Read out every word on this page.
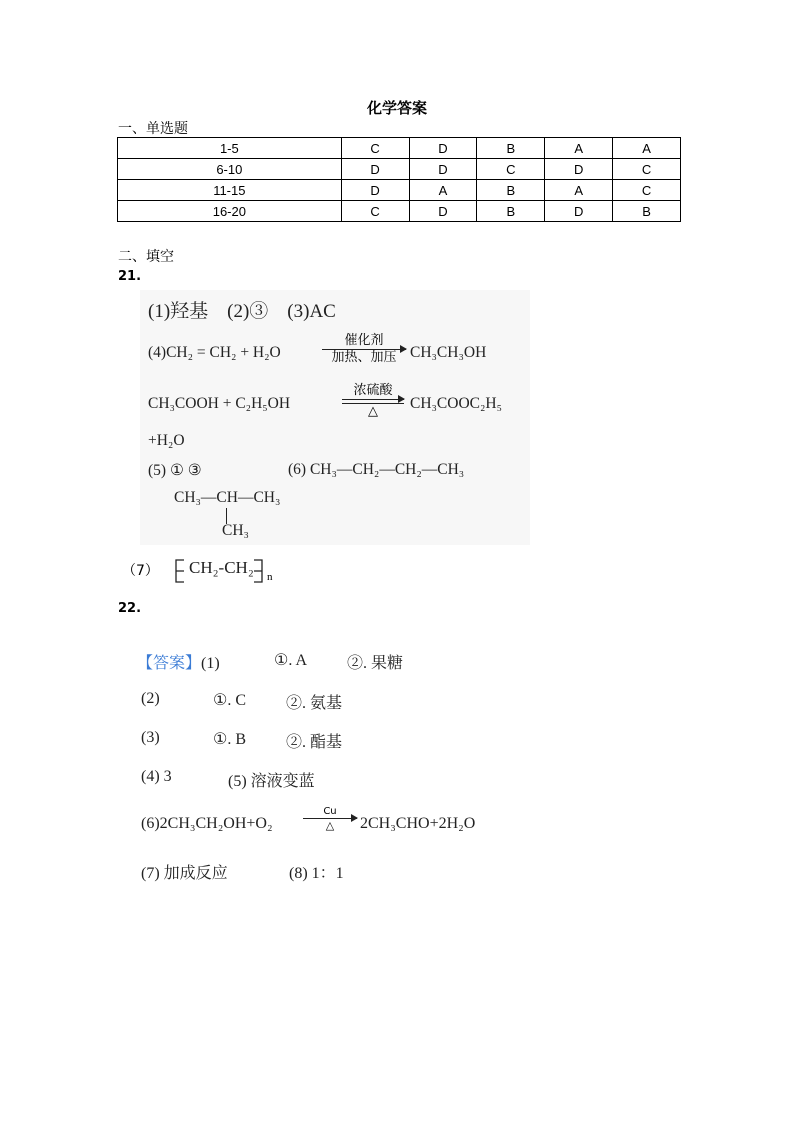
化学答案
一、单选题
1-5	C	D	B	A	A
6-10	D	D	C	D	C
11-15	D	A	B	A	C
16-20	C	D	B	D	B
二、填空
21.
(1)羟基　(2)③　(3)AC
(4)CH₂ = CH₂ + H₂O
催化剂
加热、加压 CH₃CH₃OH
CH₃COOH + C₂H₅OH
浓硫酸
△	CH₃COOC₂H₅
+H₂O
(5) ① ③	(6) CH₃—CH₂—CH₂—CH₃
CH₃—CH—CH₃
CH₃
（7） CH₂-CH₂ n
22.
【答案】(1)	①. A ②. 果糖
(2)	①. C ②. 氨基
(3)	①. B ②. 酯基
(4) 3	(5) 溶液变蓝
(6)2CH₃CH₂OH+O₂
Cu
△	2CH₃CHO+2H₂O
(7) 加成反应	(8) 1：1
